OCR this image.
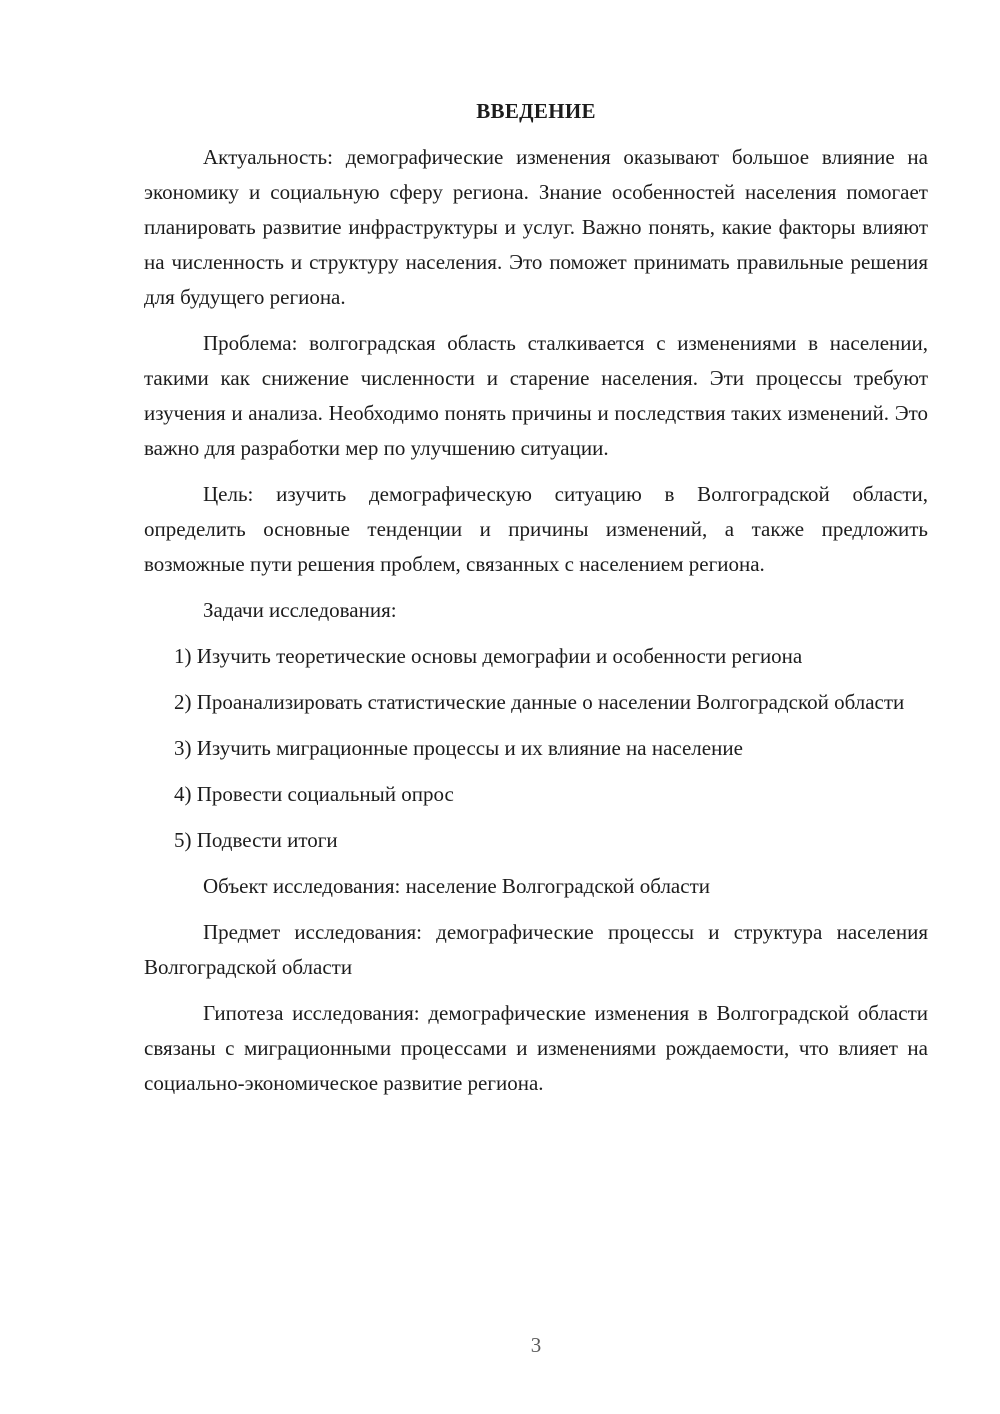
ВВЕДЕНИЕ

Актуальность: демографические изменения оказывают большое влияние на экономику и социальную сферу региона. Знание особенностей населения помогает планировать развитие инфраструктуры и услуг. Важно понять, какие факторы влияют на численность и структуру населения. Это поможет принимать правильные решения для будущего региона.

Проблема: волгоградская область сталкивается с изменениями в населении, такими как снижение численности и старение населения. Эти процессы требуют изучения и анализа. Необходимо понять причины и последствия таких изменений. Это важно для разработки мер по улучшению ситуации.

Цель: изучить демографическую ситуацию в Волгоградской области, определить основные тенденции и причины изменений, а также предложить возможные пути решения проблем, связанных с населением региона.

Задачи исследования:

1) Изучить теоретические основы демографии и особенности региона

2) Проанализировать статистические данные о населении Волгоградской области

3) Изучить миграционные процессы и их влияние на население

4) Провести социальный опрос

5) Подвести итоги

Объект исследования: население Волгоградской области

Предмет исследования: демографические процессы и структура населения Волгоградской области

Гипотеза исследования: демографические изменения в Волгоградской области связаны с миграционными процессами и изменениями рождаемости, что влияет на социально-экономическое развитие региона.

3
